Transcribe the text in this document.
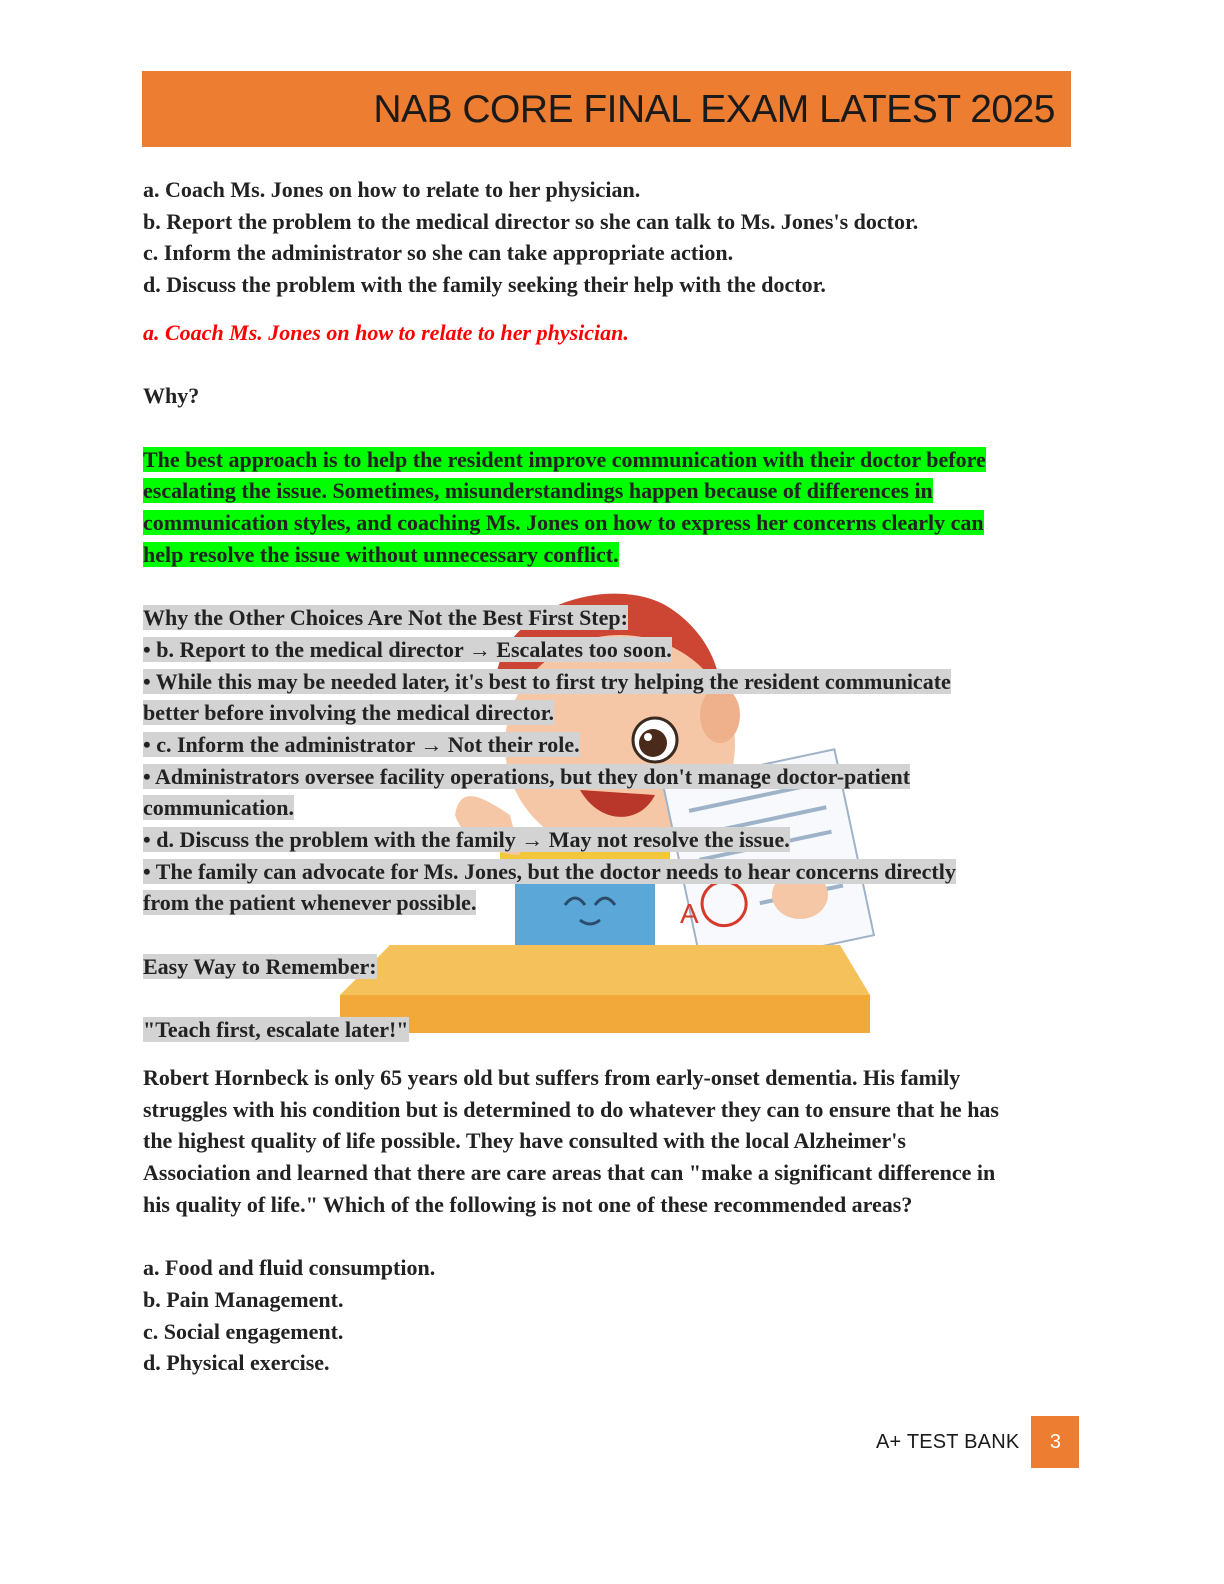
NAB CORE FINAL EXAM LATEST 2025
A
a. Coach Ms. Jones on how to relate to her physician.
b. Report the problem to the medical director so she can talk to Ms. Jones's doctor.
c. Inform the administrator so she can take appropriate action.
d. Discuss the problem with the family seeking their help with the doctor.
a. Coach Ms. Jones on how to relate to her physician.
Why?
The best approach is to help the resident improve communication with their doctor before
escalating the issue. Sometimes, misunderstandings happen because of differences in
communication styles, and coaching Ms. Jones on how to express her concerns clearly can
help resolve the issue without unnecessary conflict.
Why the Other Choices Are Not the Best First Step:
• b. Report to the medical director → Escalates too soon.
• While this may be needed later, it's best to first try helping the resident communicate
better before involving the medical director.
• c. Inform the administrator → Not their role.
• Administrators oversee facility operations, but they don't manage doctor-patient
communication.
• d. Discuss the problem with the family → May not resolve the issue.
• The family can advocate for Ms. Jones, but the doctor needs to hear concerns directly
from the patient whenever possible.
Easy Way to Remember:
"Teach first, escalate later!"
Robert Hornbeck is only 65 years old but suffers from early-onset dementia. His family
struggles with his condition but is determined to do whatever they can to ensure that he has
the highest quality of life possible. They have consulted with the local Alzheimer's
Association and learned that there are care areas that can "make a significant difference in
his quality of life." Which of the following is not one of these recommended areas?
a. Food and fluid consumption.
b. Pain Management.
c. Social engagement.
d. Physical exercise.
A+ TEST BANK	3
